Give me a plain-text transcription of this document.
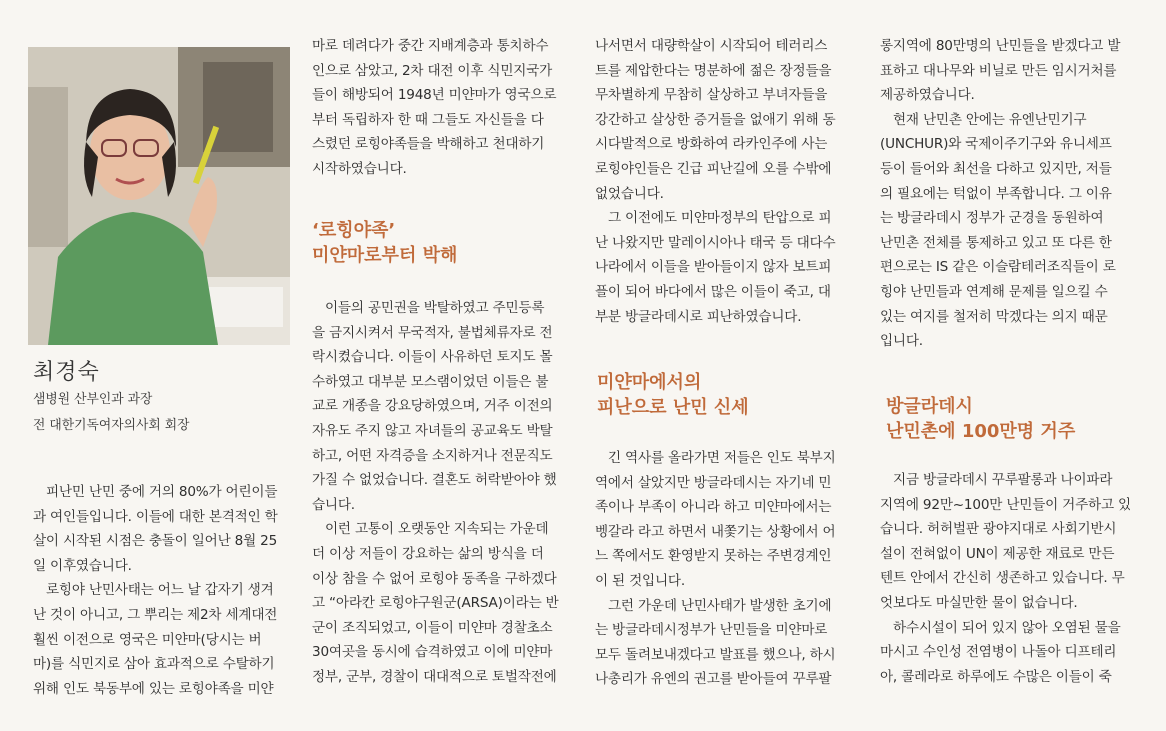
최경숙
샘병원 산부인과 과장
전 대한기독여자의사회 회장
피난민 난민 중에 거의 80%가 어린이들
과 여인들입니다. 이들에 대한 본격적인 학
살이 시작된 시점은 충돌이 일어난 8월 25
일 이후였습니다.
로힝야 난민사태는 어느 날 갑자기 생겨
난 것이 아니고, 그 뿌리는 제2차 세계대전
훨씬 이전으로 영국은 미얀마(당시는 버
마)를 식민지로 삼아 효과적으로 수탈하기
위해 인도 북동부에 있는 로힝야족을 미얀
마로 데려다가 중간 지배계층과 통치하수
인으로 삼았고, 2차 대전 이후 식민지국가
들이 해방되어 1948년 미얀마가 영국으로
부터 독립하자 한 때 그들도 자신들을 다
스렸던 로힝야족들을 박해하고 천대하기
시작하였습니다.
‘로힝야족’
미얀마로부터 박해
이들의 공민권을 박탈하였고 주민등록
을 금지시켜서 무국적자, 불법체류자로 전
락시켰습니다. 이들이 사유하던 토지도 몰
수하였고 대부분 모스램이었던 이들은 불
교로 개종을 강요당하였으며, 거주 이전의
자유도 주지 않고 자녀들의 공교육도 박탈
하고, 어떤 자격증을 소지하거나 전문직도
가질 수 없었습니다. 결혼도 허락받아야 했
습니다.
이런 고통이 오랫동안 지속되는 가운데
더 이상 저들이 강요하는 삶의 방식을 더
이상 참을 수 없어 로힝야 동족을 구하겠다
고 “아라칸 로힝야구원군(ARSA)이라는 반
군이 조직되었고, 이들이 미얀마 경찰초소
30여곳을 동시에 습격하였고 이에 미얀마
정부, 군부, 경찰이 대대적으로 토벌작전에
나서면서 대량학살이 시작되어 테러리스
트를 제압한다는 명분하에 젊은 장정들을
무차별하게 무참히 살상하고 부녀자들을
강간하고 살상한 증거들을 없애기 위해 동
시다발적으로 방화하여 라카인주에 사는
로힝야인들은 긴급 피난길에 오를 수밖에
없었습니다.
그 이전에도 미얀마정부의 탄압으로 피
난 나왔지만 말레이시아나 태국 등 대다수
나라에서 이들을 받아들이지 않자 보트피
플이 되어 바다에서 많은 이들이 죽고, 대
부분 방글라데시로 피난하였습니다.
미얀마에서의
피난으로 난민 신세
긴 역사를 올라가면 저들은 인도 북부지
역에서 살았지만 방글라데시는 자기네 민
족이나 부족이 아니라 하고 미얀마에서는
벵갈라 라고 하면서 내쫓기는 상황에서 어
느 쪽에서도 환영받지 못하는 주변경계인
이 된 것입니다.
그런 가운데 난민사태가 발생한 초기에
는 방글라데시정부가 난민들을 미얀마로
모두 돌려보내겠다고 발표를 했으나, 하시
나총리가 유엔의 권고를 받아들여 꾸루팔
롱지역에 80만명의 난민들을 받겠다고 발
표하고 대나무와 비닐로 만든 임시거처를
제공하였습니다.
현재 난민촌 안에는 유엔난민기구
(UNCHUR)와 국제이주기구와 유니세프
등이 들어와 최선을 다하고 있지만, 저들
의 필요에는 턱없이 부족합니다. 그 이유
는 방글라데시 정부가 군경을 동원하여
난민촌 전체를 통제하고 있고 또 다른 한
편으로는 IS 같은 이슬람테러조직들이 로
힝야 난민들과 연계해 문제를 일으킬 수
있는 여지를 철저히 막겠다는 의지 때문
입니다.
방글라데시
난민촌에 100만명 거주
지금 방글라데시 꾸루팔롱과 나이파라
지역에 92만~100만 난민들이 거주하고 있
습니다. 허허벌판 광야지대로 사회기반시
설이 전혀없이 UN이 제공한 재료로 만든
텐트 안에서 간신히 생존하고 있습니다. 무
엇보다도 마실만한 물이 없습니다.
하수시설이 되어 있지 않아 오염된 물을
마시고 수인성 전염병이 나돌아 디프테리
아, 콜레라로 하루에도 수많은 이들이 죽
